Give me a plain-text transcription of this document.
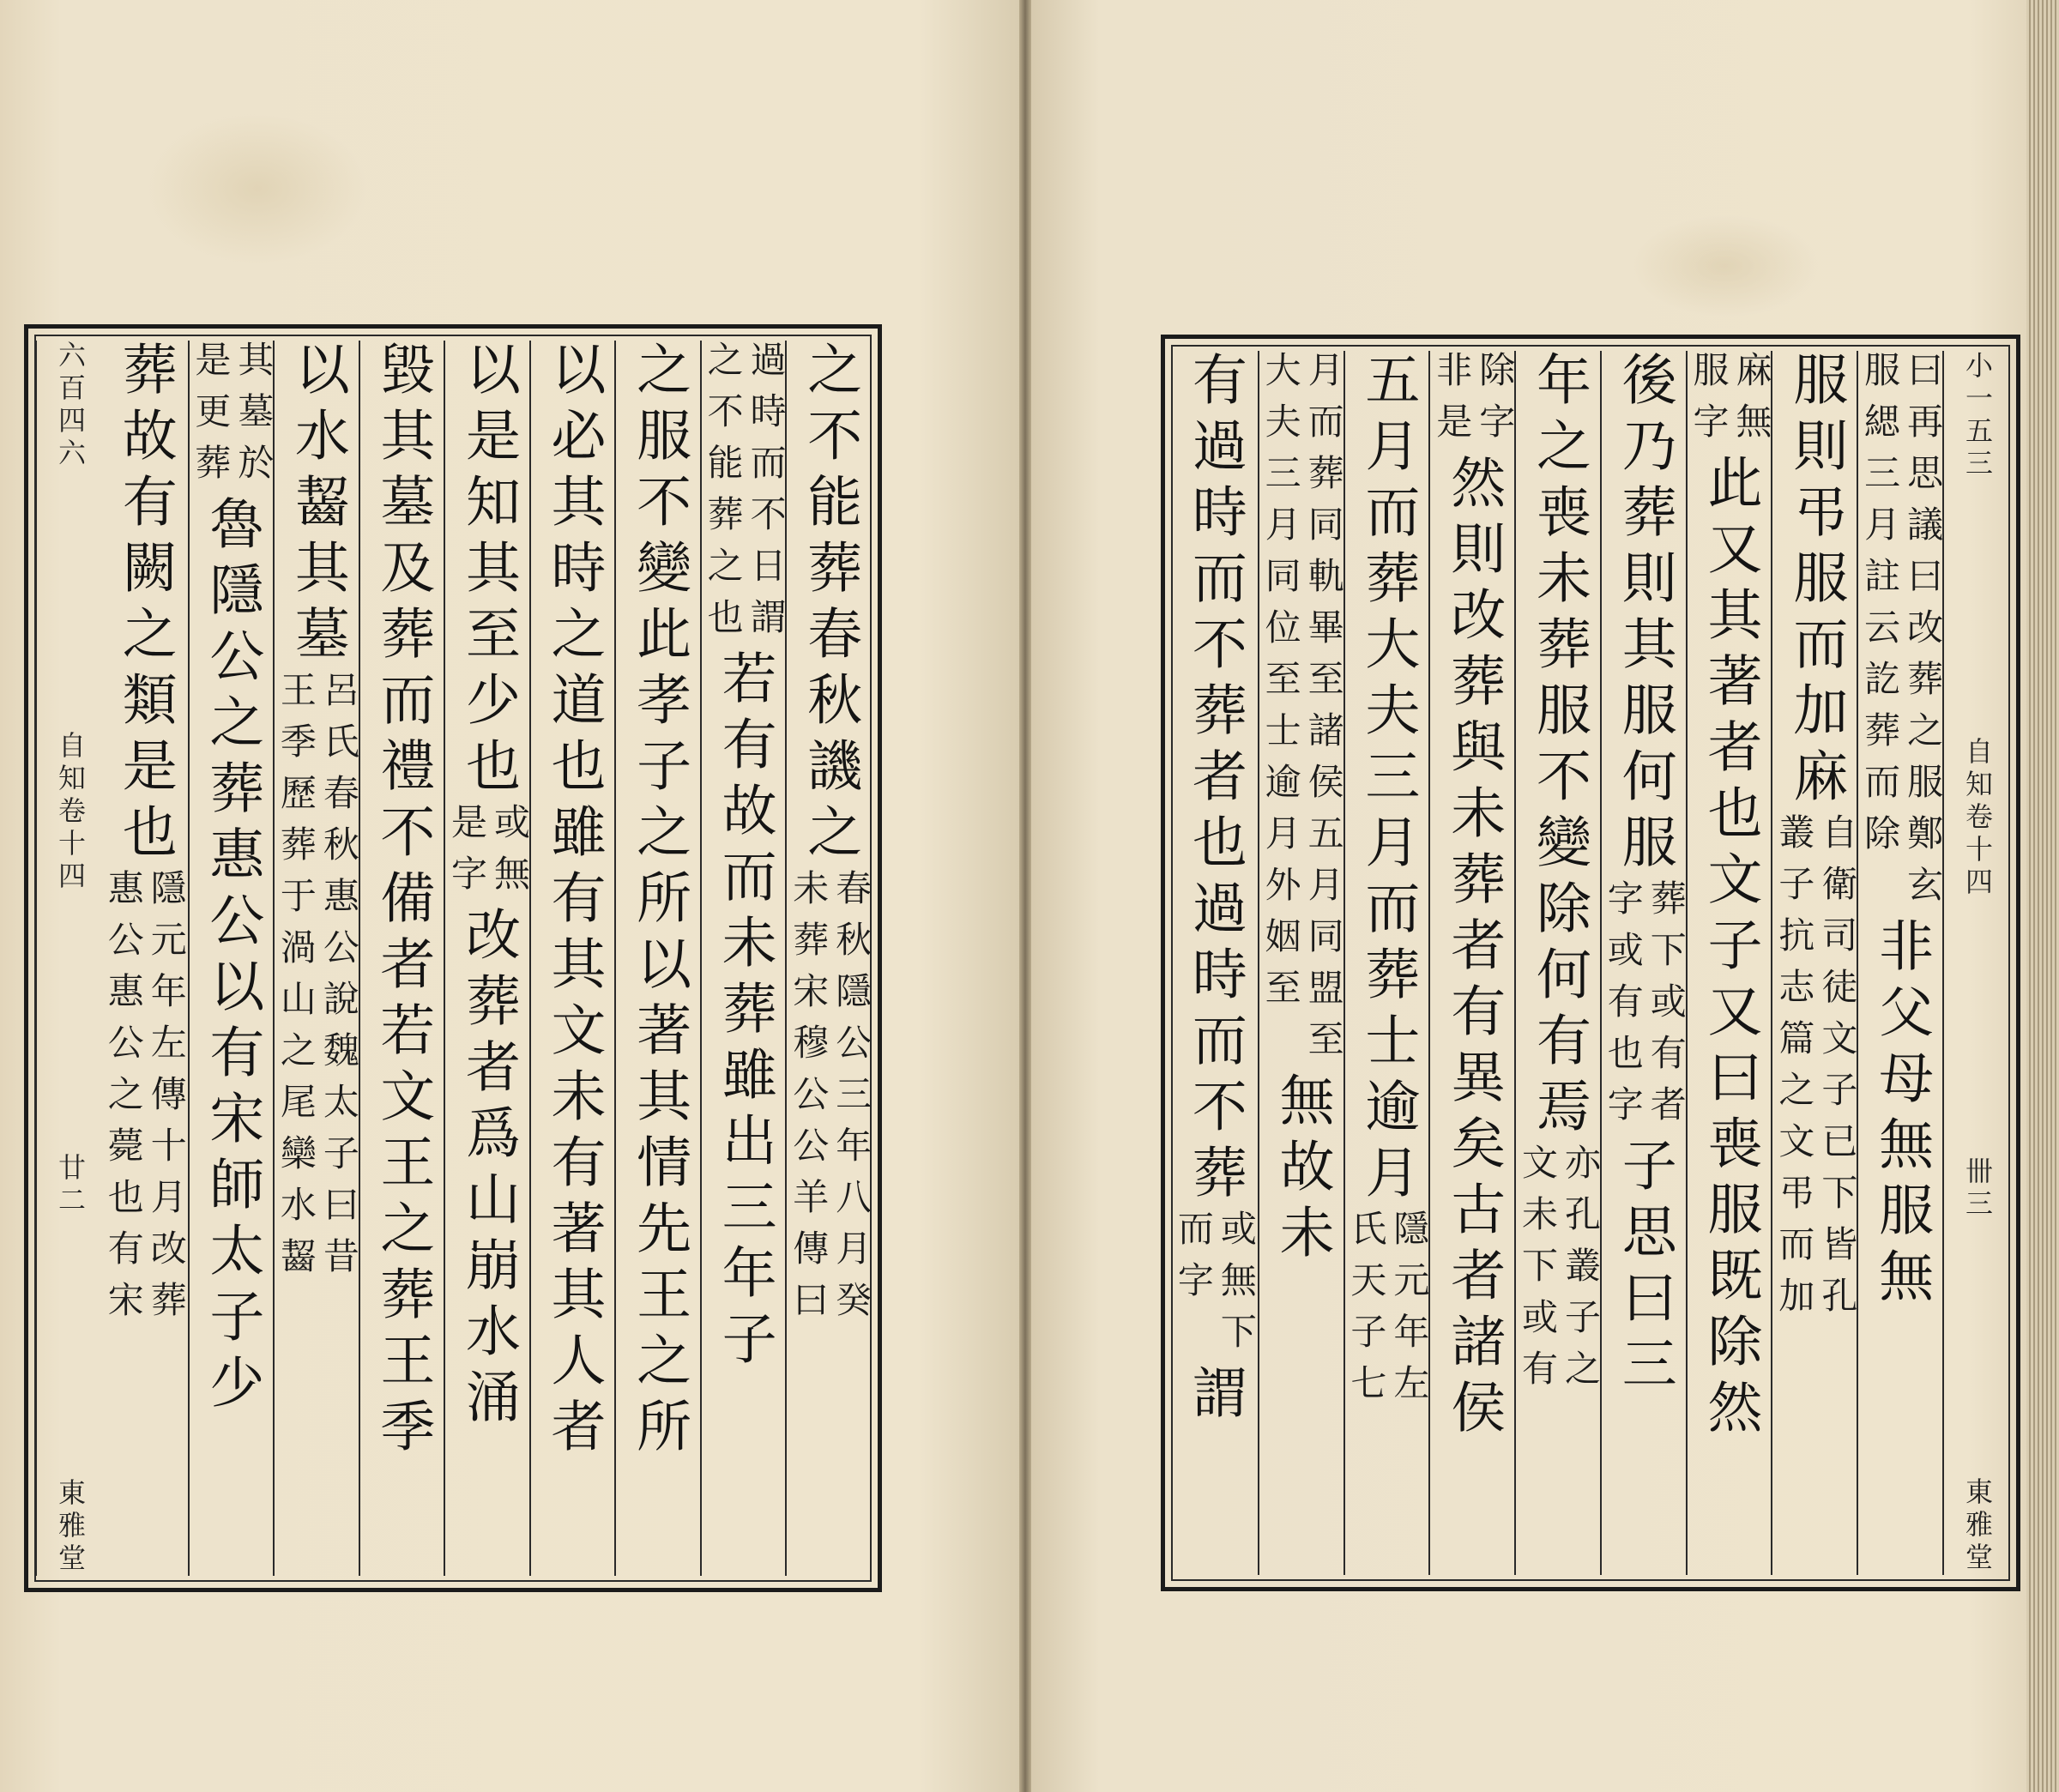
六百四六
自知卷十四
廿二
東雅堂
之不能葬春秋譏之
春秋隱公三年八月癸
未葬宋穆公公羊傳曰
過時而不日謂
之不能葬之也
若有故而未葬雖出三年子
之服不變此孝子之所以著其情先王之所
以必其時之道也雖有其文未有著其人者
以是知其至少也
或無
是字
改葬者爲山崩水涌
毀其墓及葬而禮不備者若文王之葬王季
以水齧其墓
呂氏春秋惠公說魏太子曰昔
王季歷葬于渦山之尾欒水齧
其墓於
是更葬
魯隱公之葬惠公以有宋師太子少
葬故有闕之類是也
隱元年左傳十月改葬
惠公惠公之薨也有宋
小一五三
自知卷十四
卌三
東雅堂
曰再思議曰改葬之服鄭玄
服緦三月註云訖葬而除
非父母無服無
服則弔服而加麻
自衛司徒文子已下皆孔
叢子抗志篇之文弔而加
麻無
服字
此又其著者也文子又曰喪服既除然
後乃葬則其服何服
葬下或有者
字或有也字
子思曰三
年之喪未葬服不變除何有焉
亦孔叢子之
文未下或有
除字
非是
然則改葬與未葬者有異矣古者諸侯
五月而葬大夫三月而葬士逾月
隱元年左
氏天子七
月而葬同軌畢至諸侯五月同盟至
大夫三月同位至士逾月外姻至
無故未
有過時而不葬者也過時而不葬
或無下
而字
謂
